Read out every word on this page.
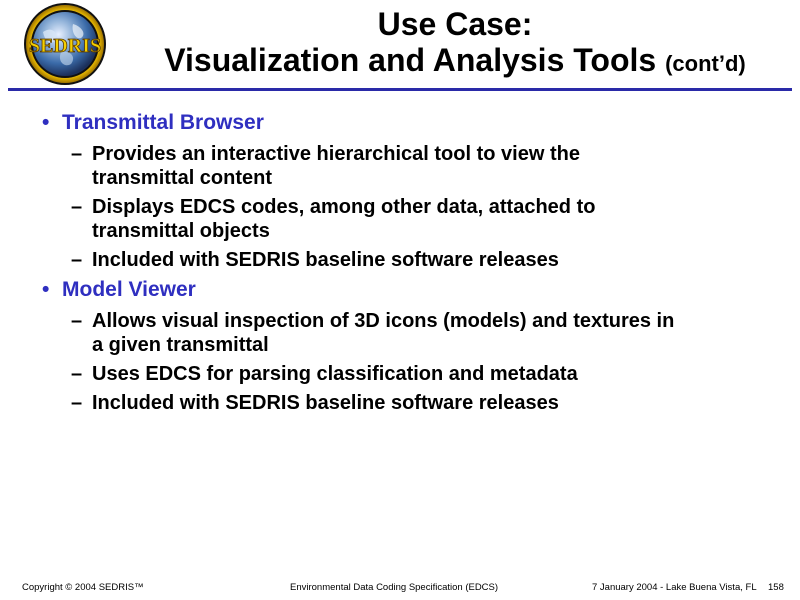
SEDRIS
Use Case:
Visualization and Analysis Tools (cont’d)
• Transmittal Browser
– Provides an interactive hierarchical tool to view the transmittal content
– Displays EDCS codes, among other data, attached to transmittal objects
– Included with SEDRIS baseline software releases
• Model Viewer
– Allows visual inspection of 3D icons (models) and textures in a given transmittal
– Uses EDCS for parsing classification and metadata
– Included with SEDRIS baseline software releases
Copyright © 2004 SEDRIS™	Environmental Data Coding Specification (EDCS)	7 January 2004 - Lake Buena Vista, FL 158
